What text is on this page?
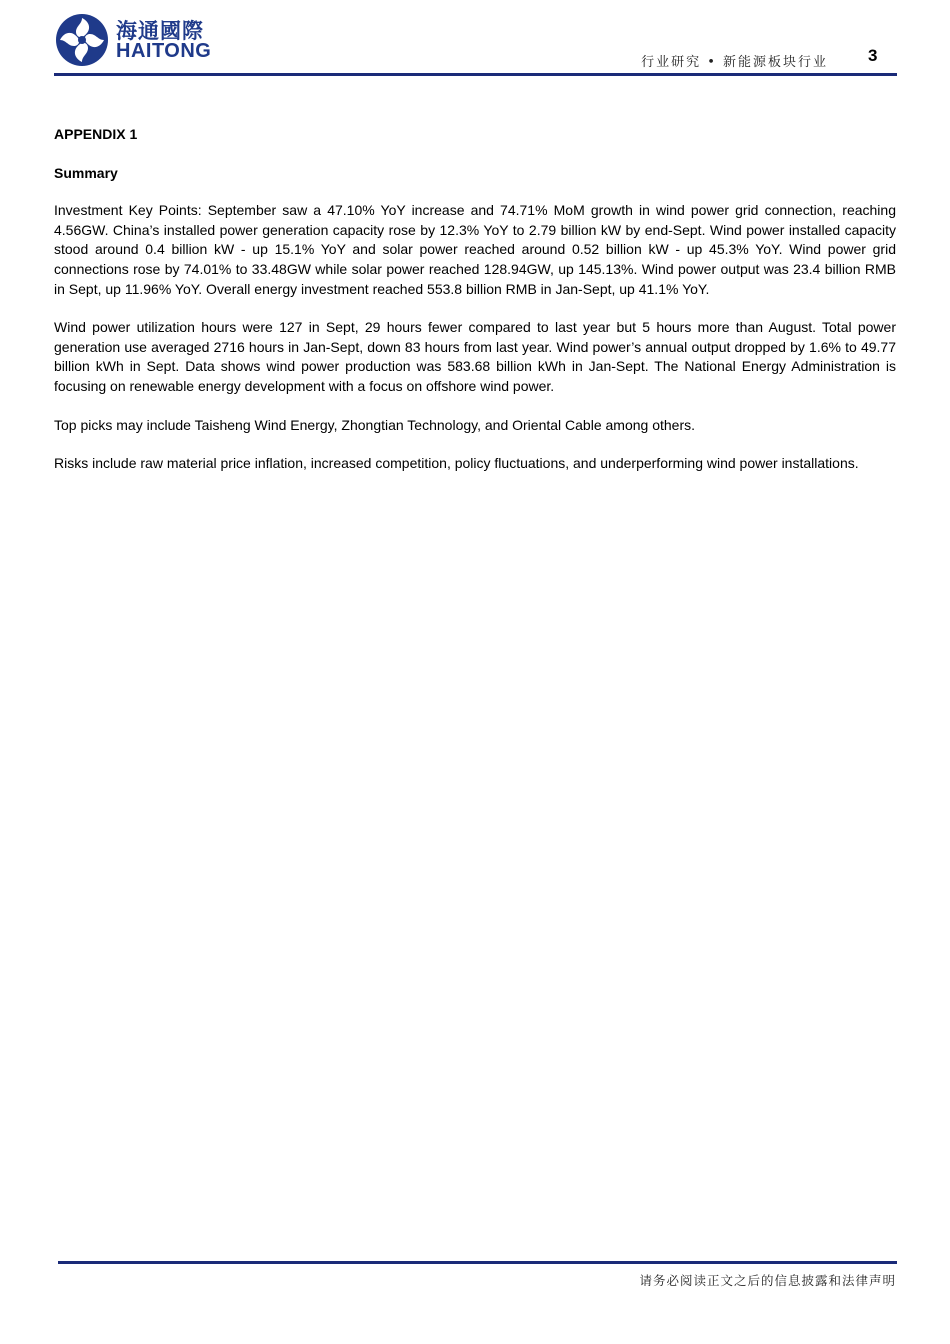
海通國際
HAITONG
行业研究 • 新能源板块行业 3

APPENDIX 1

Summary

Investment Key Points: September saw a 47.10% YoY increase and 74.71% MoM growth in wind power grid connection, reaching 4.56GW. China’s installed power generation capacity rose by 12.3% YoY to 2.79 billion kW by end-Sept. Wind power installed capacity stood around 0.4 billion kW - up 15.1% YoY and solar power reached around 0.52 billion kW - up 45.3% YoY. Wind power grid connections rose by 74.01% to 33.48GW while solar power reached 128.94GW, up 145.13%. Wind power output was 23.4 billion RMB in Sept, up 11.96% YoY. Overall energy investment reached 553.8 billion RMB in Jan-Sept, up 41.1% YoY.

Wind power utilization hours were 127 in Sept, 29 hours fewer compared to last year but 5 hours more than August. Total power generation use averaged 2716 hours in Jan-Sept, down 83 hours from last year. Wind power’s annual output dropped by 1.6% to 49.77 billion kWh in Sept. Data shows wind power production was 583.68 billion kWh in Jan-Sept. The National Energy Administration is focusing on renewable energy development with a focus on offshore wind power.

Top picks may include Taisheng Wind Energy, Zhongtian Technology, and Oriental Cable among others.

Risks include raw material price inflation, increased competition, policy fluctuations, and underperforming wind power installations.

请务必阅读正文之后的信息披露和法律声明
